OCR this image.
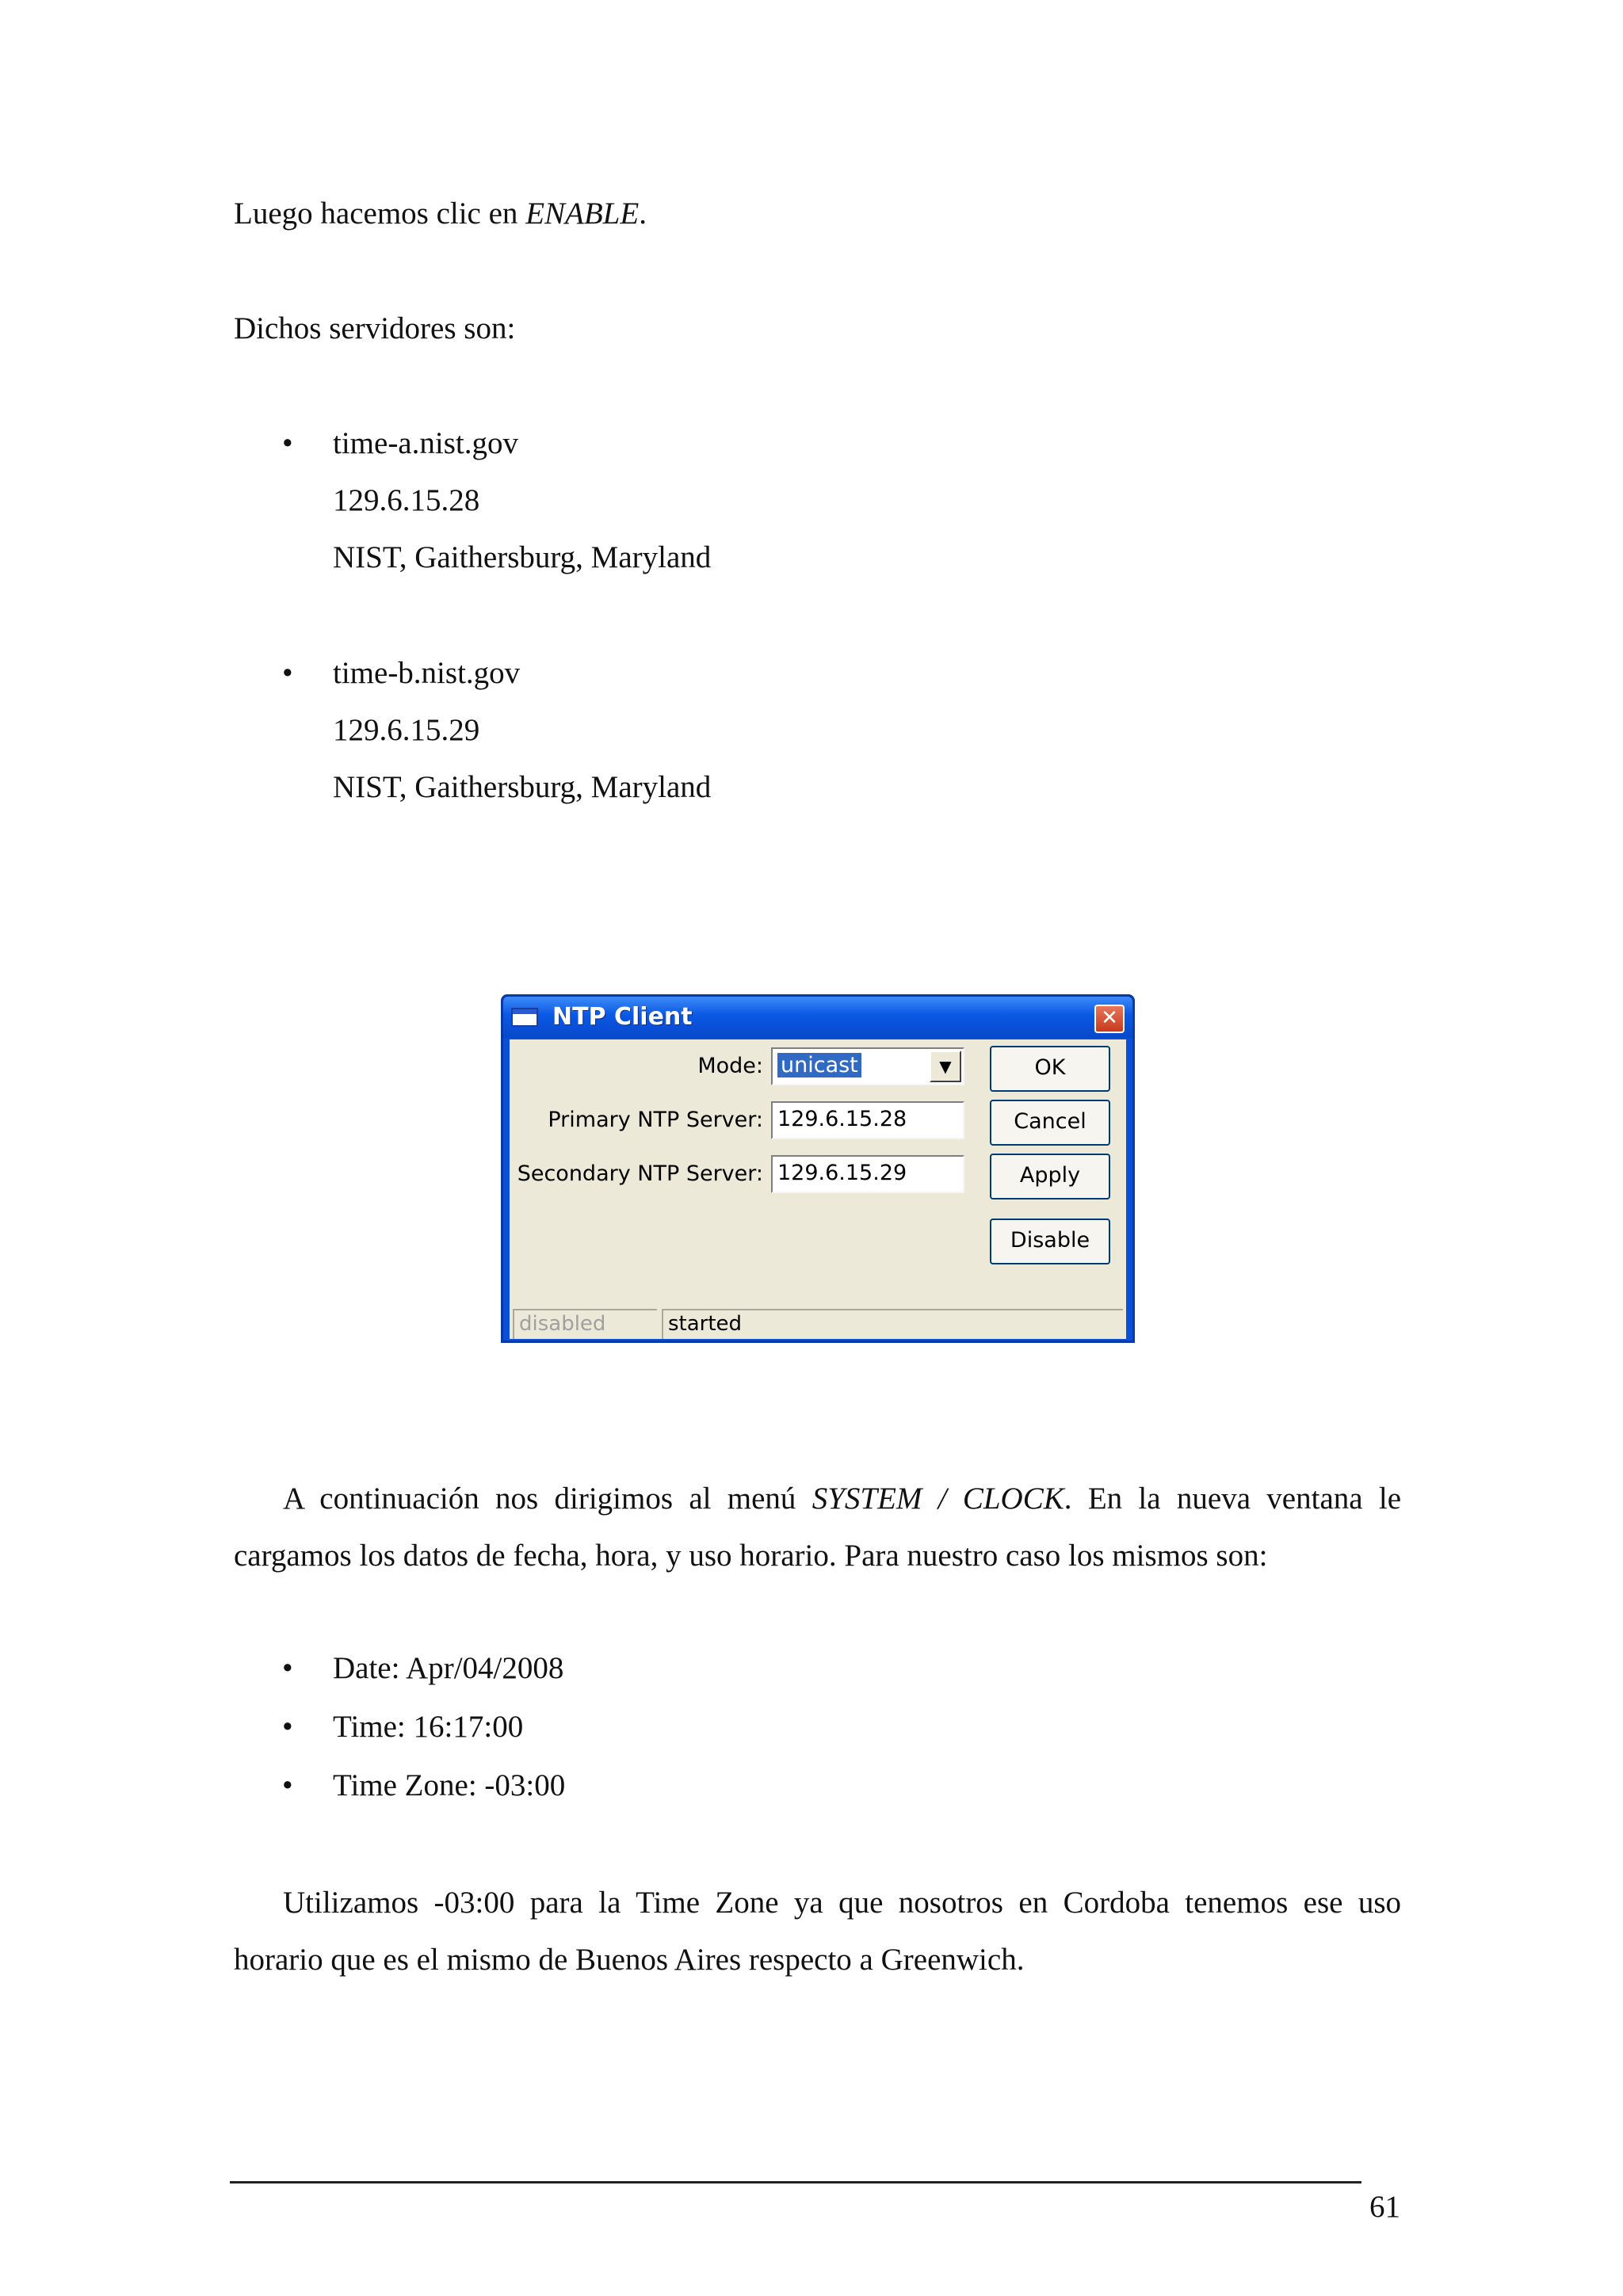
Luego hacemos clic en ENABLE.
Dichos servidores son:
• time-a.nist.gov
129.6.15.28
NIST, Gaithersburg, Maryland
• time-b.nist.gov
129.6.15.29
NIST, Gaithersburg, Maryland
NTP Client	✕
Mode: unicast	▼
Primary NTP Server: 129.6.15.28
Secondary NTP Server: 129.6.15.29
OK
Cancel
Apply
Disable
disabled	started
A continuación nos dirigimos al menú SYSTEM / CLOCK. En la nueva ventana le
cargamos los datos de fecha, hora, y uso horario. Para nuestro caso los mismos son:
• Date: Apr/04/2008
• Time: 16:17:00
• Time Zone: -03:00
Utilizamos -03:00 para la Time Zone ya que nosotros en Cordoba tenemos ese uso
horario que es el mismo de Buenos Aires respecto a Greenwich.
61
